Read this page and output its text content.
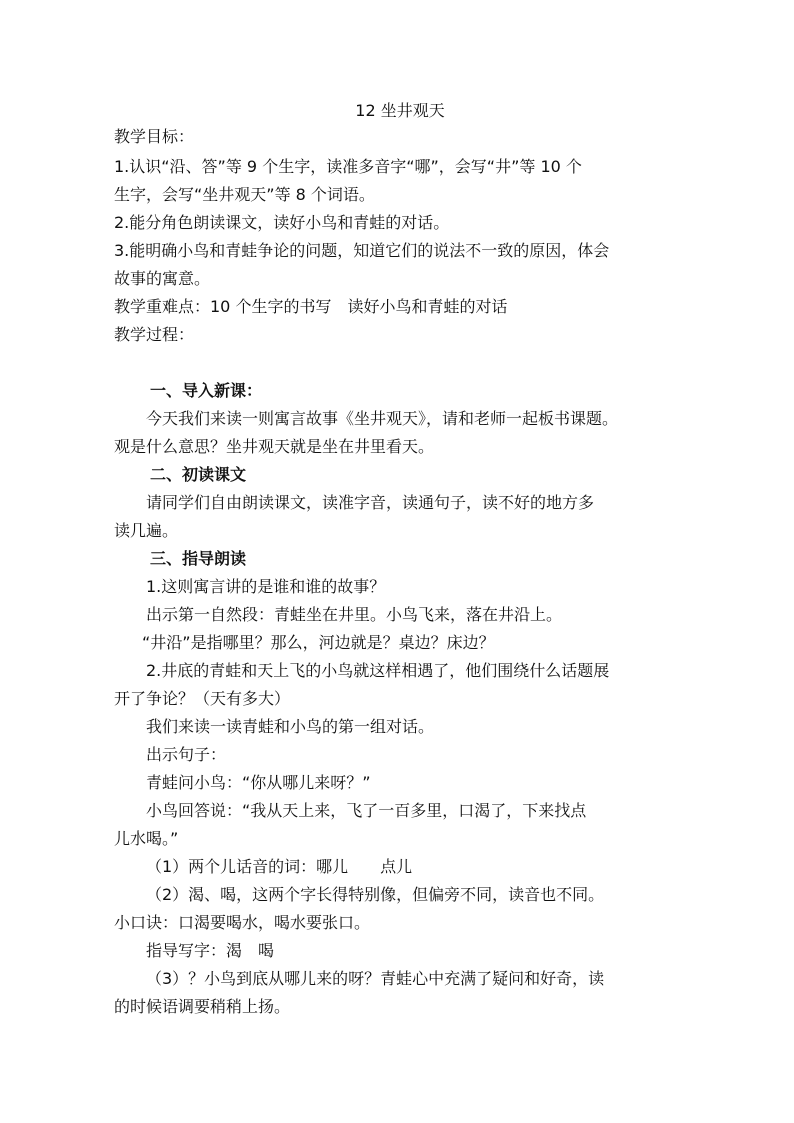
12 坐井观天
教学目标：
1.认识“沿、答”等 9 个生字，读准多音字“哪”，会写“井”等 10 个
生字，会写“坐井观天”等 8 个词语。
2.能分角色朗读课文，读好小鸟和青蛙的对话。
3.能明确小鸟和青蛙争论的问题，知道它们的说法不一致的原因，体会
故事的寓意。
教学重难点：10 个生字的书写　读好小鸟和青蛙的对话
教学过程：
一、导入新课：
今天我们来读一则寓言故事《坐井观天》，请和老师一起板书课题。
观是什么意思？坐井观天就是坐在井里看天。
二、初读课文
请同学们自由朗读课文，读准字音，读通句子，读不好的地方多
读几遍。
三、指导朗读
1.这则寓言讲的是谁和谁的故事？
出示第一自然段：青蛙坐在井里。小鸟飞来，落在井沿上。
“井沿”是指哪里？那么，河边就是？桌边？床边？
2.井底的青蛙和天上飞的小鸟就这样相遇了，他们围绕什么话题展
开了争论？（天有多大）
我们来读一读青蛙和小鸟的第一组对话。
出示句子：
青蛙问小鸟：“你从哪儿来呀？”
小鸟回答说：“我从天上来，飞了一百多里，口渴了，下来找点
儿水喝。”
（1）两个儿话音的词：哪儿　　点儿
（2）渴、喝，这两个字长得特别像，但偏旁不同，读音也不同。
小口诀：口渴要喝水，喝水要张口。
指导写字：渴　喝
（3）？小鸟到底从哪儿来的呀？青蛙心中充满了疑问和好奇，读
的时候语调要稍稍上扬。
